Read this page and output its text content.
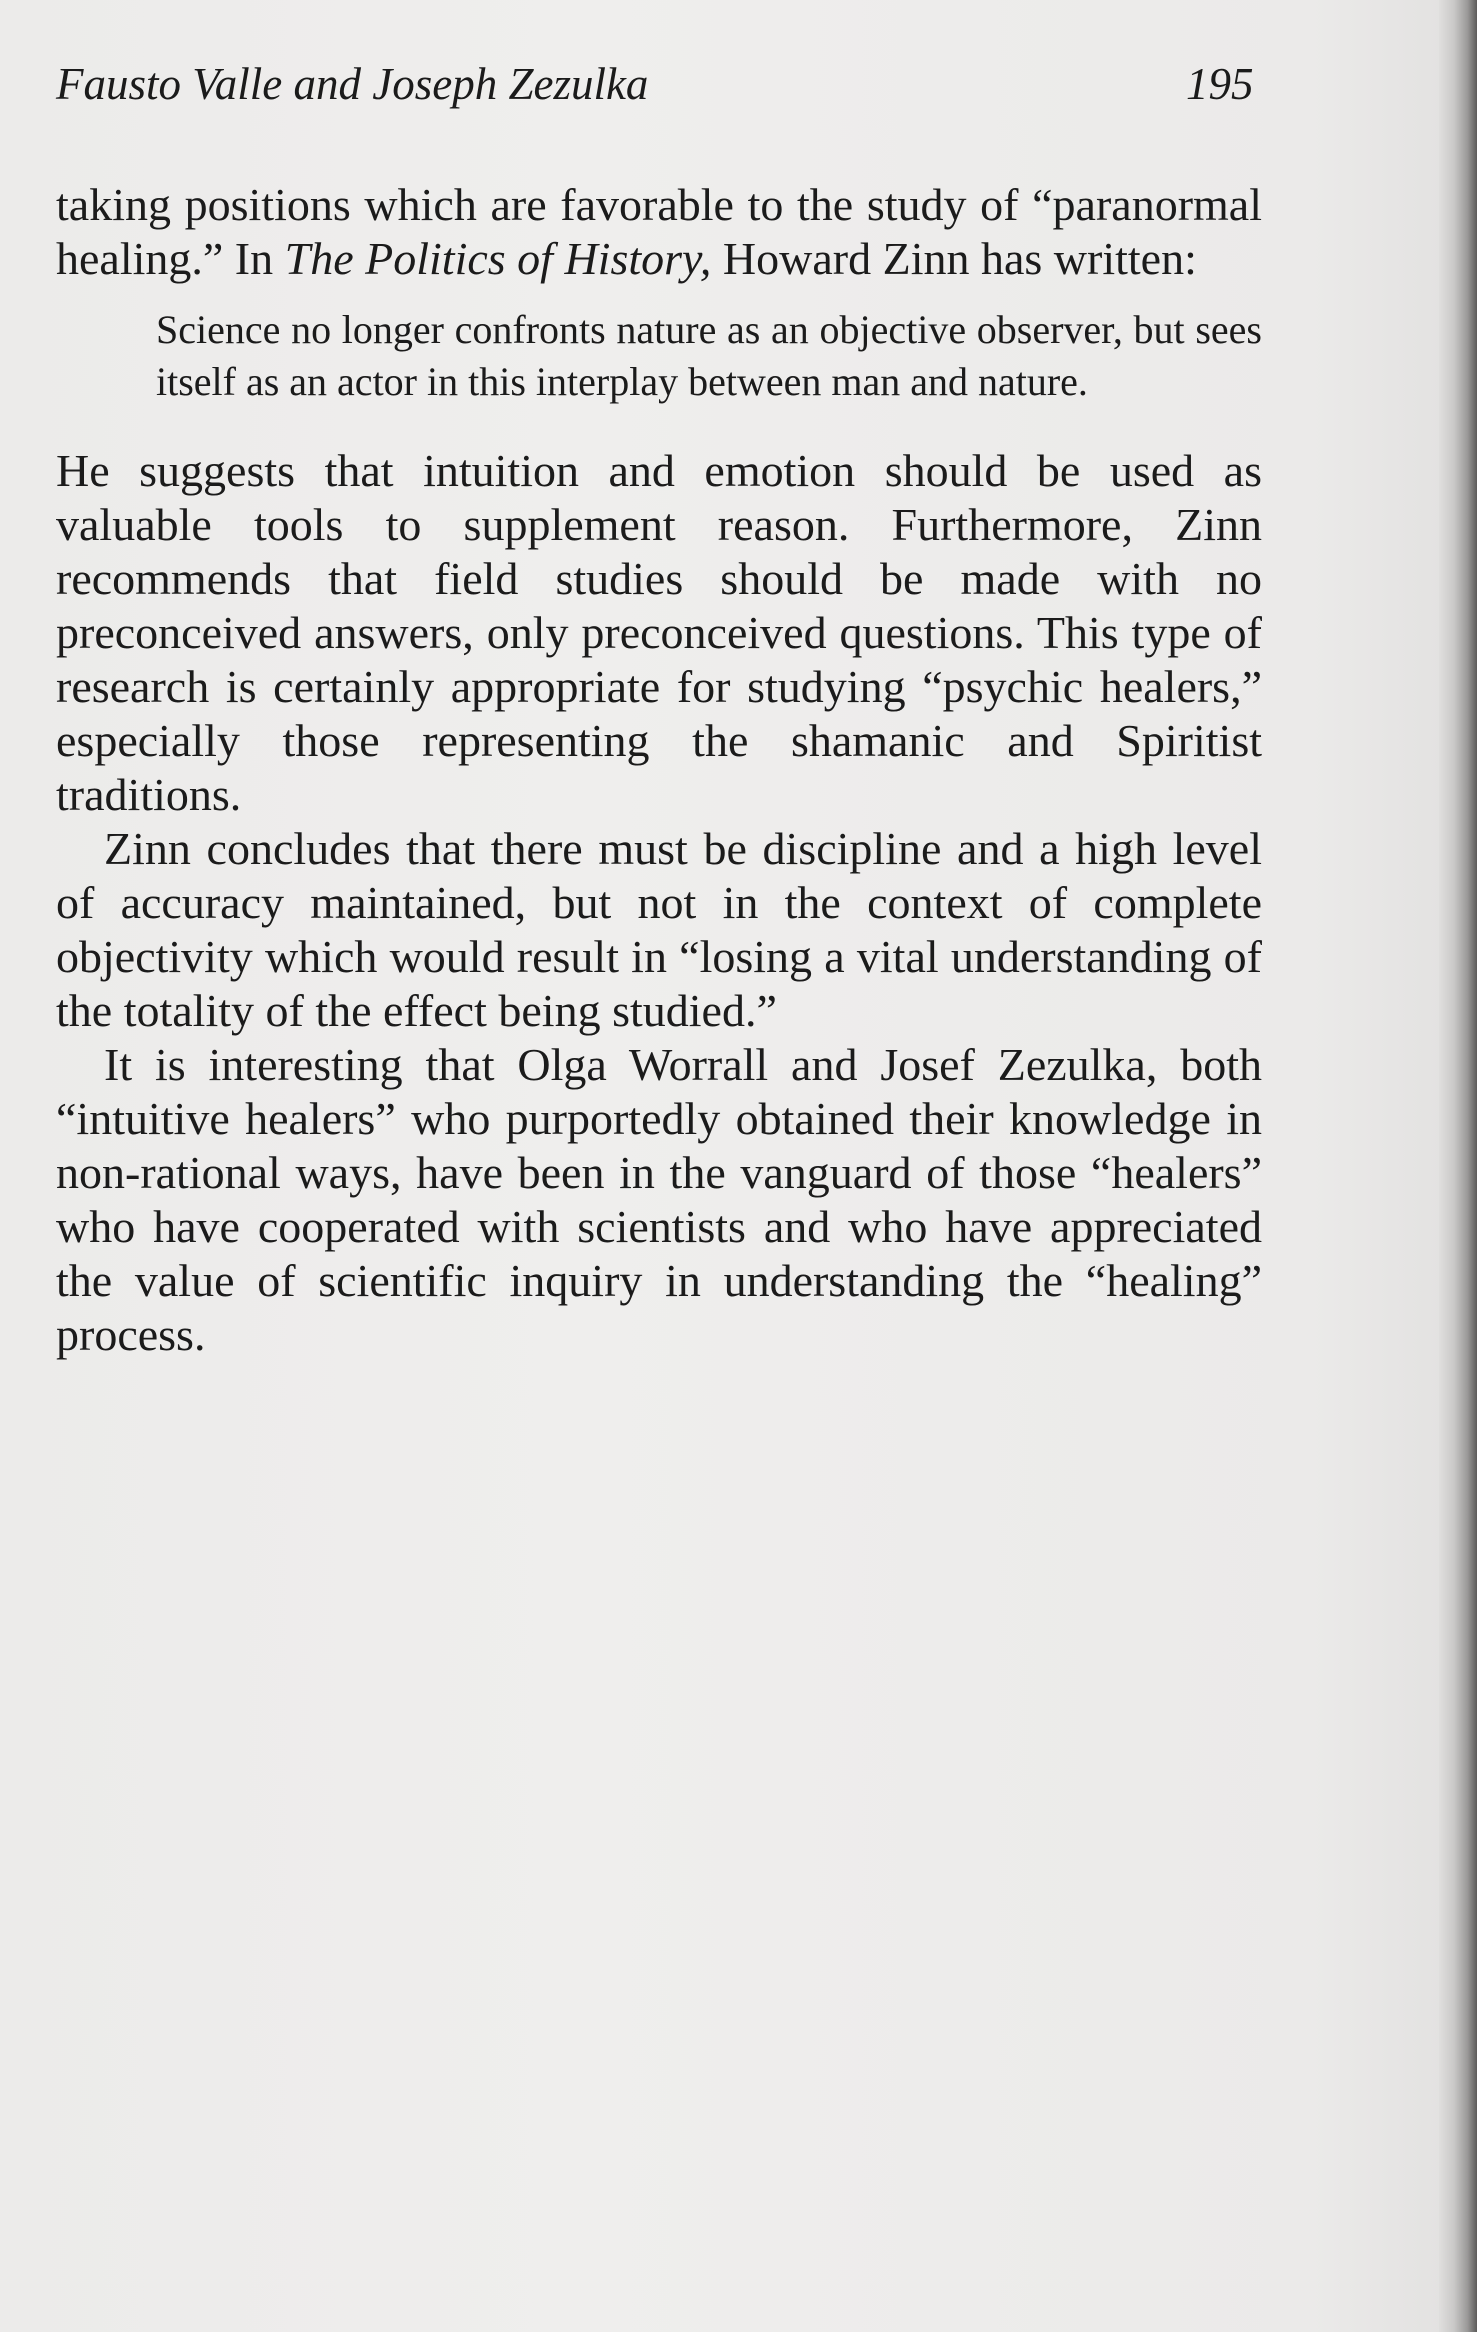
Fausto Valle and Joseph Zezulka	195

taking positions which are favorable to the study of “paranormal healing.” In The Politics of History, Howard Zinn has written:

Science no longer confronts nature as an objective observer, but sees itself as an actor in this interplay between man and nature.

He suggests that intuition and emotion should be used as valuable tools to supplement reason. Furthermore, Zinn recommends that field studies should be made with no preconceived answers, only preconceived questions. This type of research is certainly appropriate for studying “psychic healers,” especially those representing the shamanic and Spiritist traditions.

Zinn concludes that there must be discipline and a high level of accuracy maintained, but not in the context of complete objectivity which would result in “losing a vital understanding of the totality of the effect being studied.”

It is interesting that Olga Worrall and Josef Zezulka, both “intuitive healers” who purportedly obtained their knowledge in non-rational ways, have been in the vanguard of those “healers” who have cooperated with scientists and who have appreciated the value of scientific inquiry in understanding the “healing” process.
